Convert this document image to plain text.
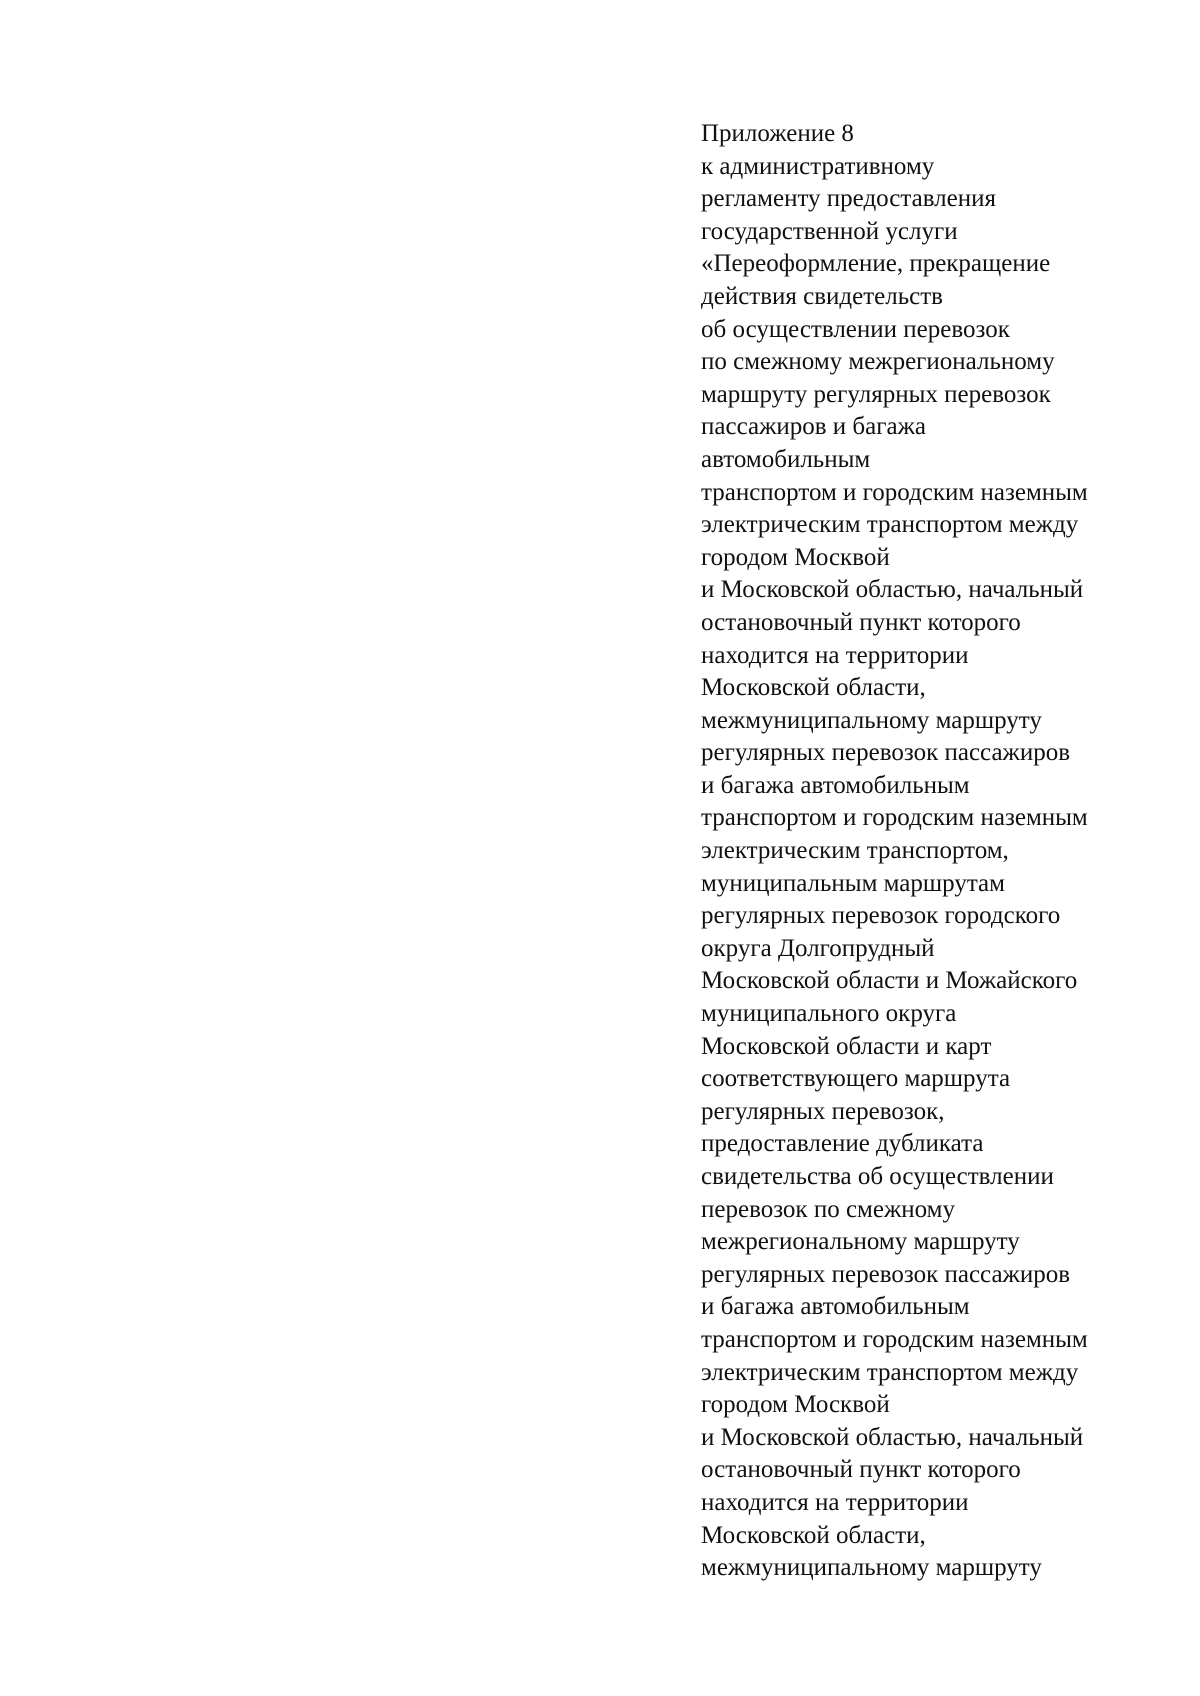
Приложение 8
к административному
регламенту предоставления
государственной услуги
«Переоформление, прекращение
действия свидетельств
об осуществлении перевозок
по смежному межрегиональному
маршруту регулярных перевозок
пассажиров и багажа
автомобильным
транспортом и городским наземным
электрическим транспортом между
городом Москвой
и Московской областью, начальный
остановочный пункт которого
находится на территории
Московской области,
межмуниципальному маршруту
регулярных перевозок пассажиров
и багажа автомобильным
транспортом и городским наземным
электрическим транспортом,
муниципальным маршрутам
регулярных перевозок городского
округа Долгопрудный
Московской области и Можайского
муниципального округа
Московской области и карт
соответствующего маршрута
регулярных перевозок,
предоставление дубликата
свидетельства об осуществлении
перевозок по смежному
межрегиональному маршруту
регулярных перевозок пассажиров
и багажа автомобильным
транспортом и городским наземным
электрическим транспортом между
городом Москвой
и Московской областью, начальный
остановочный пункт которого
находится на территории
Московской области,
межмуниципальному маршруту
